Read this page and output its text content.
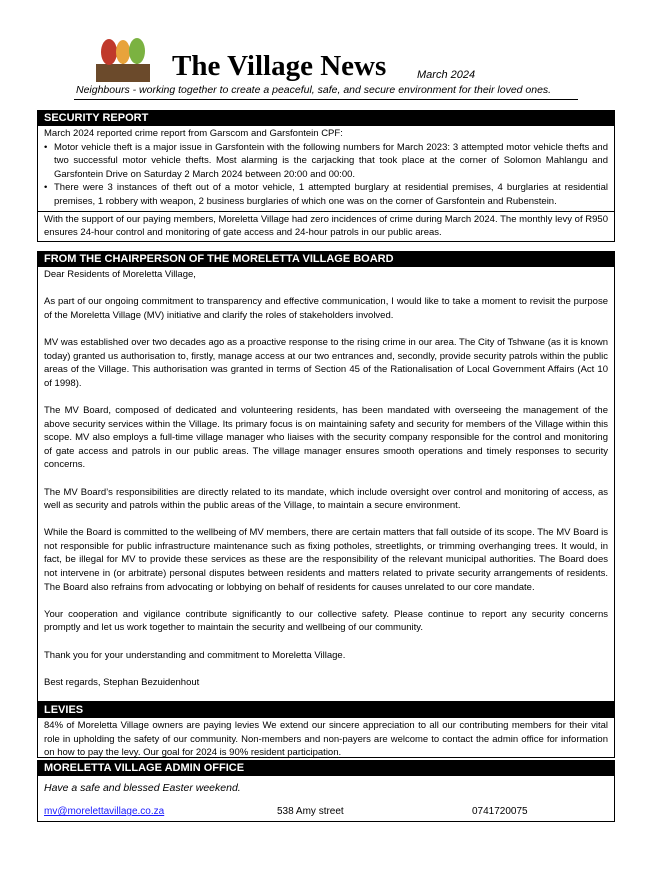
The Village News	March 2024
Neighbours - working together to create a peaceful, safe, and secure environment for their loved ones.
SECURITY REPORT

March 2024 reported crime report from Garscom and Garsfontein CPF:

• Motor vehicle theft is a major issue in Garsfontein with the following numbers for March 2023: 3 attempted motor vehicle thefts and two successful motor vehicle thefts. Most alarming is the carjacking that took place at the corner of Solomon Mahlangu and Garsfontein Drive on Saturday 2 March 2024 between 20:00 and 00:00.
• There were 3 instances of theft out of a motor vehicle, 1 attempted burglary at residential premises, 4 burglaries at residential premises, 1 robbery with weapon, 2 business burglaries of which one was on the corner of Garsfontein and Rubenstein.

With the support of our paying members, Moreletta Village had zero incidences of crime during March 2024. The monthly levy of R950 ensures 24-hour control and monitoring of gate access and 24-hour patrols in our public areas.

FROM THE CHAIRPERSON OF THE MORELETTA VILLAGE BOARD

Dear Residents of Moreletta Village,

As part of our ongoing commitment to transparency and effective communication, I would like to take a moment to revisit the purpose of the Moreletta Village (MV) initiative and clarify the roles of stakeholders involved.

MV was established over two decades ago as a proactive response to the rising crime in our area. The City of Tshwane (as it is known today) granted us authorisation to, firstly, manage access at our two entrances and, secondly, provide security patrols within the public areas of the Village. This authorisation was granted in terms of Section 45 of the Rationalisation of Local Government Affairs (Act 10 of 1998).

The MV Board, composed of dedicated and volunteering residents, has been mandated with overseeing the management of the above security services within the Village. Its primary focus is on maintaining safety and security for members of the Village within this scope. MV also employs a full-time village manager who liaises with the security company responsible for the control and monitoring of gate access and patrols in our public areas. The village manager ensures smooth operations and timely responses to security concerns.

The MV Board’s responsibilities are directly related to its mandate, which include oversight over control and monitoring of access, as well as security and patrols within the public areas of the Village, to maintain a secure environment.

While the Board is committed to the wellbeing of MV members, there are certain matters that fall outside of its scope. The MV Board is not responsible for public infrastructure maintenance such as fixing potholes, streetlights, or trimming overhanging trees. It would, in fact, be illegal for MV to provide these services as these are the responsibility of the relevant municipal authorities. The Board does not intervene in (or arbitrate) personal disputes between residents and matters related to private security arrangements of residents. The Board also refrains from advocating or lobbying on behalf of residents for causes unrelated to our core mandate.

Your cooperation and vigilance contribute significantly to our collective safety. Please continue to report any security concerns promptly and let us work together to maintain the security and wellbeing of our community.

Thank you for your understanding and commitment to Moreletta Village.

Best regards, Stephan Bezuidenhout

LEVIES

84% of Moreletta Village owners are paying levies We extend our sincere appreciation to all our contributing members for their vital role in upholding the safety of our community. Non-members and non-payers are welcome to contact the admin office for information on how to pay the levy. Our goal for 2024 is 90% resident participation.

MORELETTA VILLAGE ADMIN OFFICE
Have a safe and blessed Easter weekend.
mv@morelettavillage.co.za	538 Amy street	0741720075
